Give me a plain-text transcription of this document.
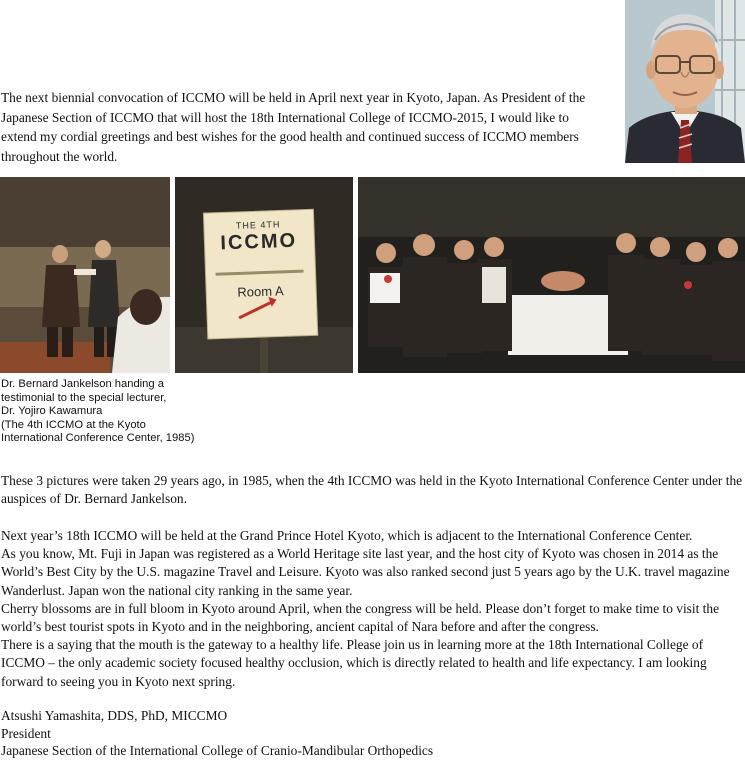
The next biennial convocation of ICCMO will be held in April next year in Kyoto, Japan. As President of the Japanese Section of ICCMO that will host the 18th International College of ICCMO-2015, I would like to extend my cordial greetings and best wishes for the good health and continued success of ICCMO members throughout the world.

Dr. Bernard Jankelson handing a
testimonial to the special lecturer,
Dr. Yojiro Kawamura
(The 4th ICCMO at the Kyoto
International Conference Center, 1985)

These 3 pictures were taken 29 years ago, in 1985, when the 4th ICCMO was held in the Kyoto International Conference Center under the auspices of Dr. Bernard Jankelson.

Next year’s 18th ICCMO will be held at the Grand Prince Hotel Kyoto, which is adjacent to the International Conference Center.

As you know, Mt. Fuji in Japan was registered as a World Heritage site last year, and the host city of Kyoto was chosen in 2014 as the World’s Best City by the U.S. magazine Travel and Leisure. Kyoto was also ranked second just 5 years ago by the U.K. travel magazine Wanderlust. Japan won the national city ranking in the same year.

Cherry blossoms are in full bloom in Kyoto around April, when the congress will be held. Please don’t forget to make time to visit the world’s best tourist spots in Kyoto and in the neighboring, ancient capital of Nara before and after the congress.

There is a saying that the mouth is the gateway to a healthy life. Please join us in learning more at the 18th International College of ICCMO – the only academic society focused healthy occlusion, which is directly related to health and life expectancy. I am looking forward to seeing you in Kyoto next spring.

Atsushi Yamashita, DDS, PhD, MICCMO
President
Japanese Section of the International College of Cranio-Mandibular Orthopedics
THE 4TH
ICCMO
Room A
